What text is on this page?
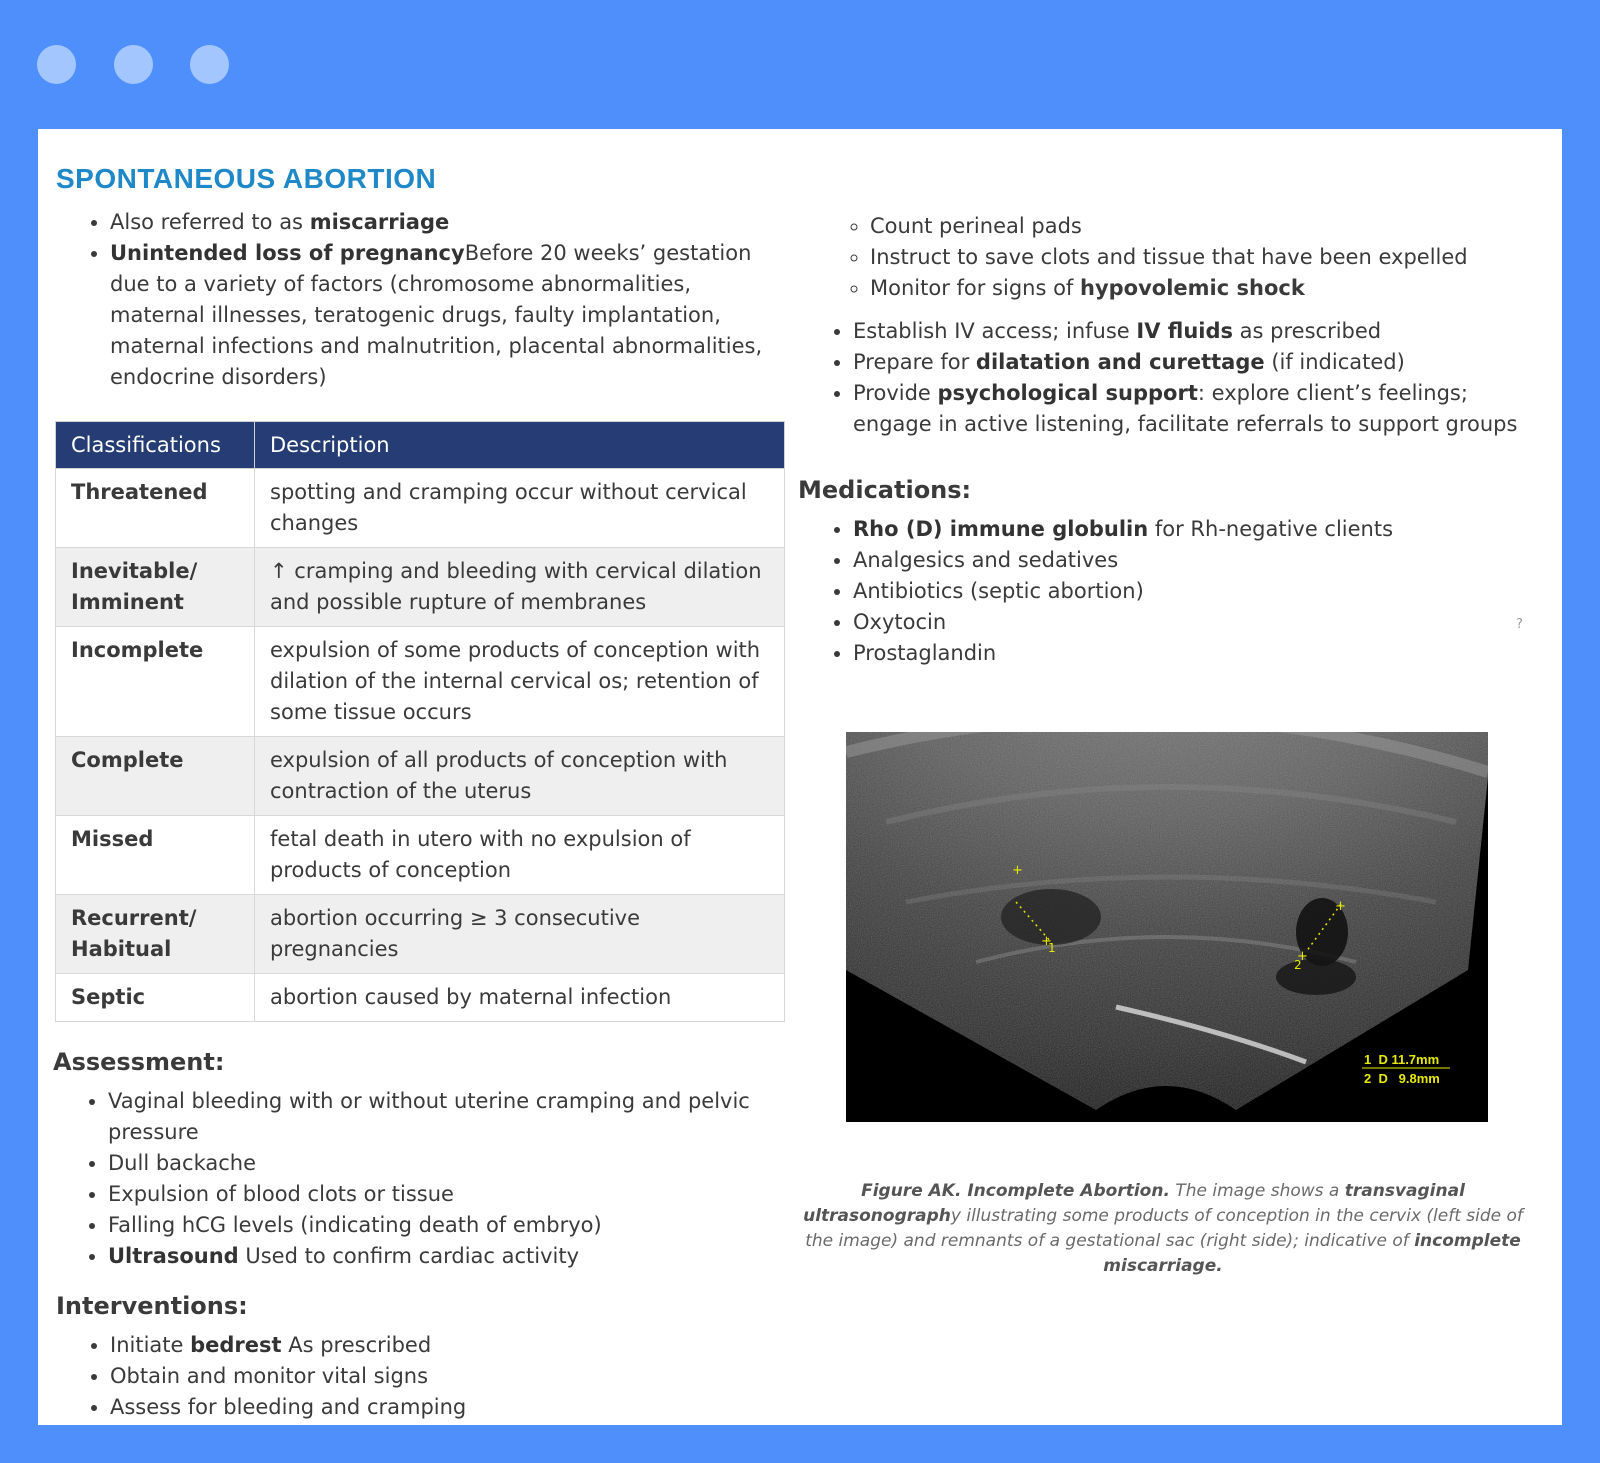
SPONTANEOUS ABORTION
• Also referred to as miscarriage
• Unintended loss of pregnancyBefore 20 weeks’ gestation due to a variety of factors (chromosome abnormalities, maternal illnesses, teratogenic drugs, faulty implantation, maternal infections and malnutrition, placental abnormalities, endocrine disorders)
Classifications	Description
Threatened	spotting and cramping occur without cervical changes
Inevitable/ Imminent	↑ cramping and bleeding with cervical dilation and possible rupture of membranes
Incomplete	expulsion of some products of conception with dilation of the internal cervical os; retention of some tissue occurs
Complete	expulsion of all products of conception with contraction of the uterus
Missed	fetal death in utero with no expulsion of products of conception
Recurrent/ Habitual	abortion occurring ≥ 3 consecutive pregnancies
Septic	abortion caused by maternal infection
Assessment:
• Vaginal bleeding with or without uterine cramping and pelvic pressure
• Dull backache
• Expulsion of blood clots or tissue
• Falling hCG levels (indicating death of embryo)
• Ultrasound Used to confirm cardiac activity
Interventions:
• Initiate bedrest As prescribed
• Obtain and monitor vital signs
• Assess for bleeding and cramping
◦ Count perineal pads
◦ Instruct to save clots and tissue that have been expelled
◦ Monitor for signs of hypovolemic shock
• Establish IV access; infuse IV fluids as prescribed
• Prepare for dilatation and curettage (if indicated)
• Provide psychological support: explore client’s feelings; engage in active listening, facilitate referrals to support groups
Medications:
• Rho (D) immune globulin for Rh-negative clients
• Analgesics and sedatives
• Antibiotics (septic abortion)
• Oxytocin
• Prostaglandin
?
+
+
1
+
+
2
1  D 11.7mm
2  D   9.8mm
Figure AK. Incomplete Abortion. The image shows a transvaginal ultrasonography illustrating some products of conception in the cervix (left side of the image) and remnants of a gestational sac (right side); indicative of incomplete miscarriage.
